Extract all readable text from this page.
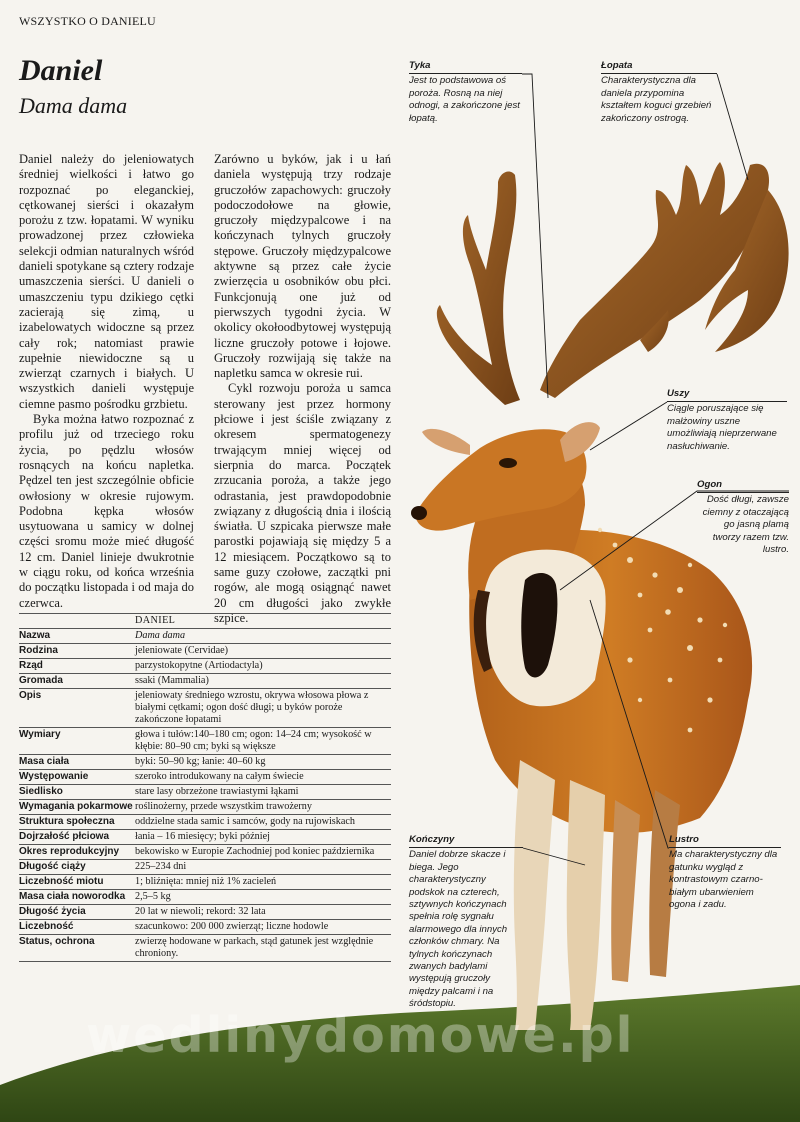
WSZYSTKO O DANIELU
Daniel
Dama dama

Daniel należy do jeleniowatych średniej wielkości i łatwo go rozpoznać po eleganckiej, cętkowanej sierści i okazałym porożu z tzw. łopatami. W wyniku prowadzonej przez człowieka selekcji odmian naturalnych wśród danieli spotykane są cztery rodzaje umaszczenia sierści. U danieli o umaszczeniu typu dzikiego cętki zacierają się zimą, u izabelowatych widoczne są przez cały rok; natomiast prawie zupełnie niewidoczne są u zwierząt czarnych i białych. U wszystkich danieli występuje ciemne pasmo pośrodku grzbietu.

Byka można łatwo rozpoznać z profilu już od trzeciego roku życia, po pędzlu włosów rosnących na końcu napletka. Pędzel ten jest szczególnie obficie owłosiony w okresie rujowym. Podobna kępka włosów usytuowana u samicy w dolnej części sromu może mieć długość 12 cm. Daniel linieje dwukrotnie w ciągu roku, od końca września do początku listopada i od maja do czerwca.

Zarówno u byków, jak i u łań daniela występują trzy rodzaje gruczołów zapachowych: gruczoły podoczodołowe na głowie, gruczoły międzypalcowe i na kończynach tylnych gruczoły stępowe. Gruczoły międzypalcowe aktywne są przez całe życie zwierzęcia u osobników obu płci. Funkcjonują one już od pierwszych tygodni życia. W okolicy okołoodbytowej występują liczne gruczoły potowe i łojowe. Gruczoły rozwijają się także na napletku samca w okresie rui.

Cykl rozwoju poroża u samca sterowany jest przez hormony płciowe i jest ściśle związany z okresem spermatogenezy trwającym mniej więcej od sierpnia do marca. Początek zrzucania poroża, a także jego odrastania, jest prawdopodobnie związany z długością dnia i ilością światła. U szpicaka pierwsze małe parostki pojawiają się między 5 a 12 miesiącem. Początkowo są to same guzy czołowe, zaczątki pni rogów, ale mogą osiągnąć nawet 20 cm długości jako zwykłe szpice.

	DANIEL
Nazwa	Dama dama
Rodzina	jeleniowate (Cervidae)
Rząd	parzystokopytne (Artiodactyla)
Gromada	ssaki (Mammalia)
Opis	jeleniowaty średniego wzrostu, okrywa włosowa płowa z białymi cętkami; ogon dość długi; u byków poroże zakończone łopatami
Wymiary	głowa i tułów:140–180 cm; ogon: 14–24 cm; wysokość w kłębie: 80–90 cm; byki są większe
Masa ciała	byki: 50–90 kg; łanie: 40–60 kg
Występowanie	szeroko introdukowany na całym świecie
Siedlisko	stare lasy obrzeżone trawiastymi łąkami
Wymagania pokarmowe	roślinożerny, przede wszystkim trawożerny
Struktura społeczna	oddzielne stada samic i samców, gody na rujowiskach
Dojrzałość płciowa	łania – 16 miesięcy; byki później
Okres reprodukcyjny	bekowisko w Europie Zachodniej pod koniec października
Długość ciąży	225–234 dni
Liczebność miotu	1; bliźnięta: mniej niż 1% zacieleń
Masa ciała noworodka	2,5–5 kg
Długość życia	20 lat w niewoli; rekord: 32 lata
Liczebność	szacunkowo: 200 000 zwierząt; liczne hodowle
Status, ochrona	zwierzę hodowane w parkach, stąd gatunek jest względnie chroniony.
Tyka
Jest to podstawowa oś poroża. Rosną na niej odnogi, a zakończone jest łopatą.
Łopata
Charakterystyczna dla daniela przypomina kształtem koguci grzebień zakończony ostrogą.
Uszy
Ciągle poruszające się małżowiny uszne umożliwiają nieprzerwane nasłuchiwanie.
Ogon
Dość długi, zawsze ciemny z otaczającą go jasną plamą tworzy razem tzw. lustro.
Lustro
Ma charakterystyczny dla gatunku wygląd z kontrastowym czarno-białym ubarwieniem ogona i zadu.
Kończyny
Daniel dobrze skacze i biega. Jego charakterystyczny podskok na czterech, sztywnych kończynach spełnia rolę sygnału alarmowego dla innych członków chmary. Na tylnych kończynach zwanych badylami występują gruczoły między palcami i na śródstopiu.
wedlinydomowe.pl
